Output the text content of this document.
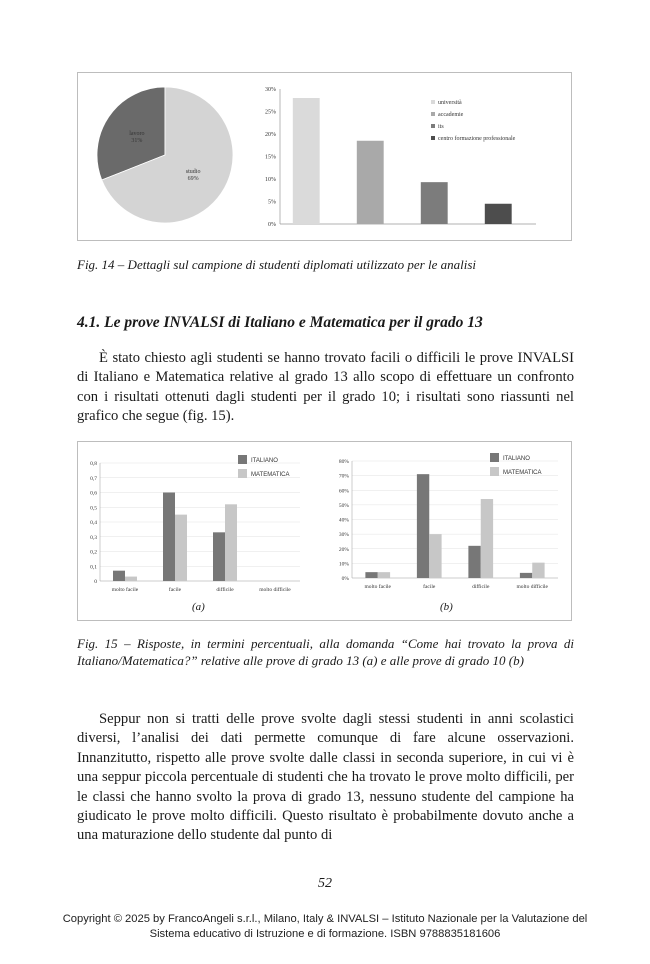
lavoro
31%
studio
69%
0%
5%
10%
15%
20%
25%
30%
università
accademie
its
centro formazione professionale
Fig. 14 – Dettagli sul campione di studenti diplomati utilizzato per le analisi
4.1. Le prove INVALSI di Italiano e Matematica per il grado 13
È stato chiesto agli studenti se hanno trovato facili o difficili le prove INVALSI di Italiano e Matematica relative al grado 13 allo scopo di effettuare un confronto con i risultati ottenuti dagli studenti per il grado 10; i risultati sono riassunti nel grafico che segue (fig. 15).
0
0,1
0,2
0,3
0,4
0,5
0,6
0,7
0,8
molto facile	facile	difficile	molto difficile
ITALIANO
MATEMATICA
0%
10%
20%
30%
40%
50%
60%
70%
80%
molto facile	facile	difficile	molto difficile
ITALIANO
MATEMATICA
(a)	(b)
Fig. 15 – Risposte, in termini percentuali, alla domanda “Come hai trovato la prova di Italiano/Matematica?” relative alle prove di grado 13 (a) e alle prove di grado 10 (b)
Seppur non si tratti delle prove svolte dagli stessi studenti in anni scolastici diversi, l’analisi dei dati permette comunque di fare alcune osservazioni. Innanzitutto, rispetto alle prove svolte dalle classi in seconda superiore, in cui vi è una seppur piccola percentuale di studenti che ha trovato le prove molto difficili, per le classi che hanno svolto la prova di grado 13, nessuno studente del campione ha giudicato le prove molto difficili. Questo risultato è probabilmente dovuto anche a una maturazione dello studente dal punto di
52
Copyright © 2025 by FrancoAngeli s.r.l., Milano, Italy & INVALSI – Istituto Nazionale per la Valutazione del Sistema educativo di Istruzione e di formazione. ISBN 9788835181606
